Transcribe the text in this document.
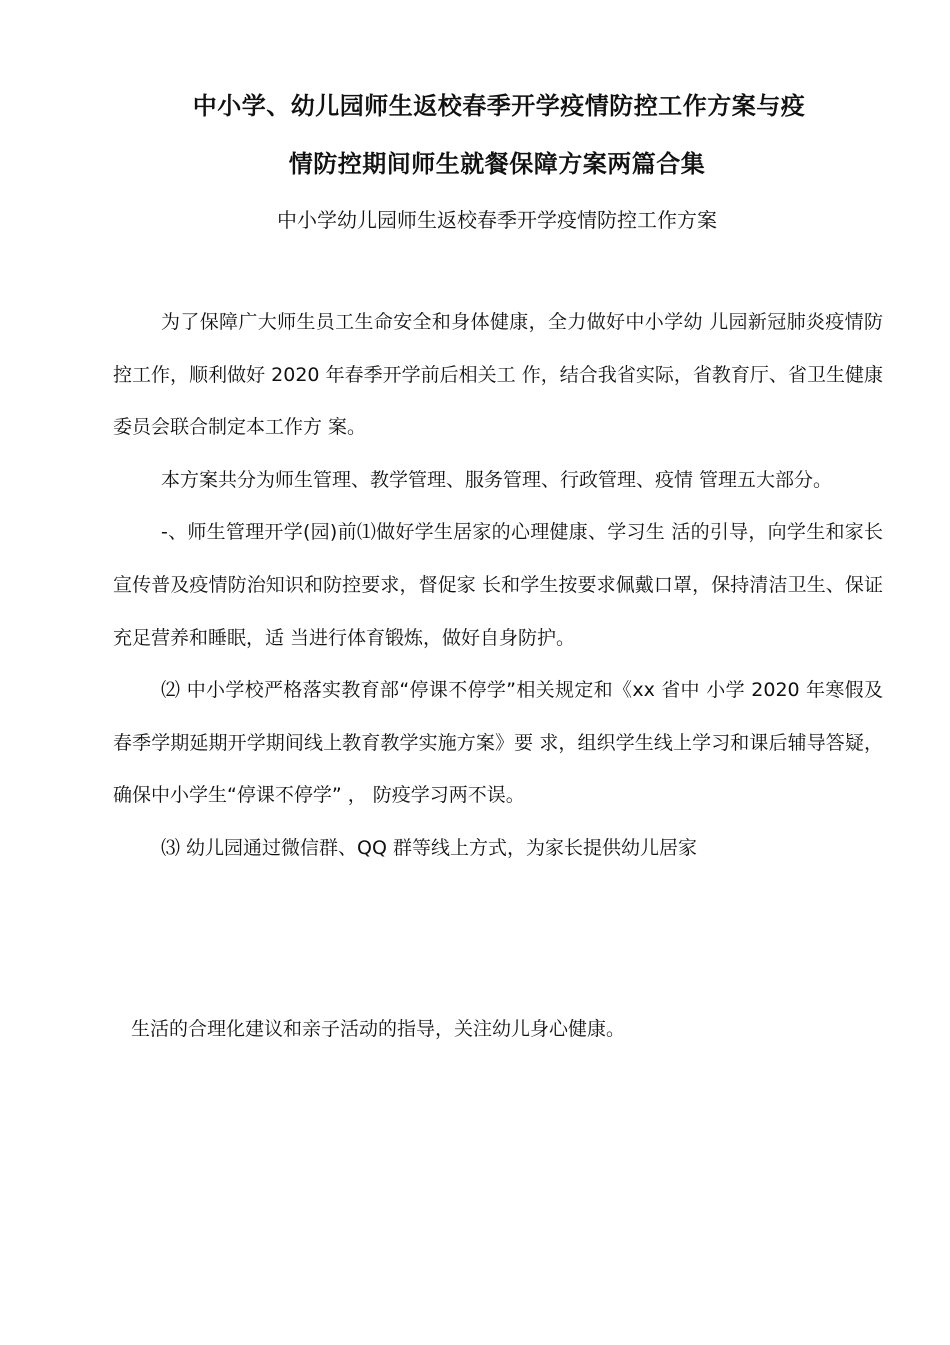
中小学、幼儿园师生返校春季开学疫情防控工作方案与疫
情防控期间师生就餐保障方案两篇合集
中小学幼儿园师生返校春季开学疫情防控工作方案

为了保障广大师生员工生命安全和身体健康，全力做好中小学幼 儿园新冠肺炎疫情防控工作，顺利做好 2020 年春季开学前后相关工 作，结合我省实际，省教育厅、省卫生健康委员会联合制定本工作方 案。

本方案共分为师生管理、教学管理、服务管理、行政管理、疫情 管理五大部分。

-、师生管理开学(园)前⑴做好学生居家的心理健康、学习生 活的引导，向学生和家长宣传普及疫情防治知识和防控要求，督促家 长和学生按要求佩戴口罩，保持清洁卫生、保证充足营养和睡眠，适 当进行体育锻炼，做好自身防护。

⑵ 中小学校严格落实教育部“停课不停学”相关规定和《xx 省中 小学 2020 年寒假及春季学期延期开学期间线上教育教学实施方案》要 求，组织学生线上学习和课后辅导答疑，确保中小学生“停课不停学” ， 防疫学习两不误。

⑶ 幼儿园通过微信群、QQ 群等线上方式，为家长提供幼儿居家

生活的合理化建议和亲子活动的指导，关注幼儿身心健康。
